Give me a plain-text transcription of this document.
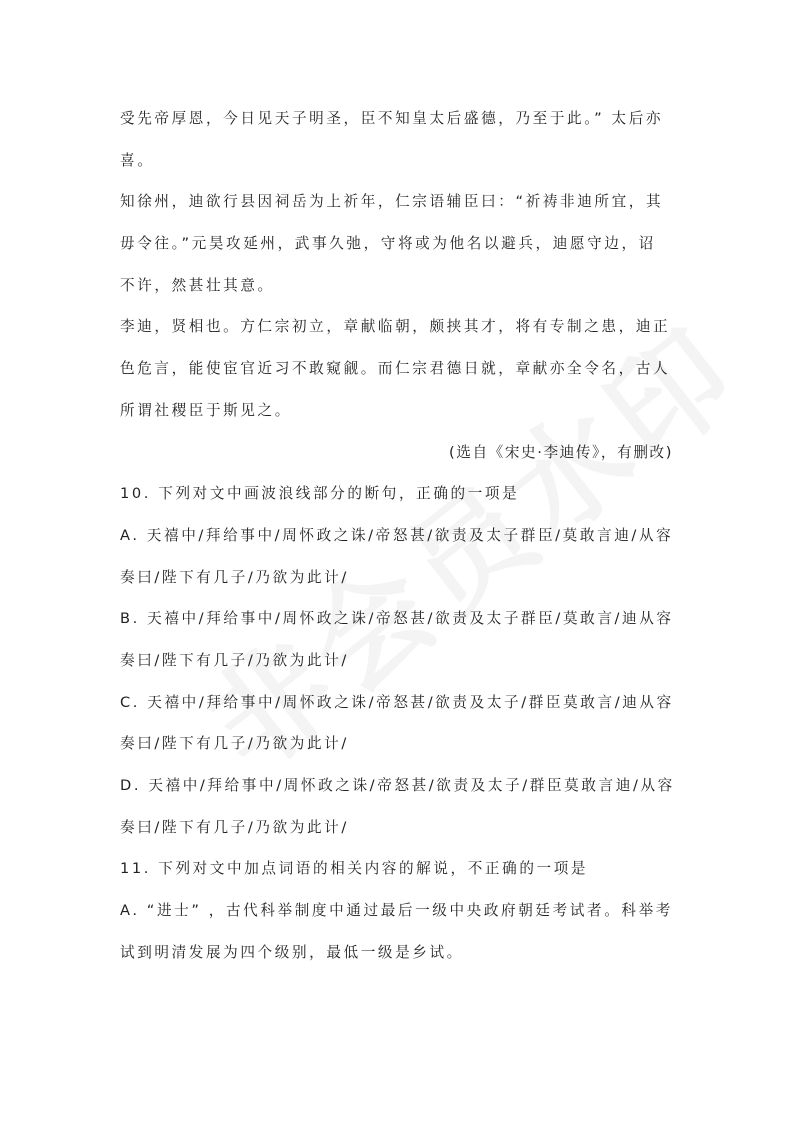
受先帝厚恩，今日见天子明圣，臣不知皇太后盛德，乃至于此。” 太后亦
喜。
知徐州，迪欲行县因祠岳为上祈年，仁宗语辅臣曰：“祈祷非迪所宜，其
毋令往。”元昊攻延州，武事久弛，守将或为他名以避兵，迪愿守边，诏
不许，然甚壮其意。
李迪，贤相也。方仁宗初立，章献临朝，颇挟其才，将有专制之患，迪正
色危言，能使宦官近习不敢窥觎。而仁宗君德日就，章献亦全令名，古人
所谓社稷臣于斯见之。
(选自《宋史·李迪传》，有删改)
10. 下列对文中画波浪线部分的断句，正确的一项是
A. 天禧中/拜给事中/周怀政之诛/帝怒甚/欲责及太子群臣/莫敢言迪/从容
奏曰/陛下有几子/乃欲为此计/
B. 天禧中/拜给事中/周怀政之诛/帝怒甚/欲责及太子群臣/莫敢言/迪从容
奏曰/陛下有几子/乃欲为此计/
C. 天禧中/拜给事中/周怀政之诛/帝怒甚/欲责及太子/群臣莫敢言/迪从容
奏曰/陛下有几子/乃欲为此计/
D. 天禧中/拜给事中/周怀政之诛/帝怒甚/欲责及太子/群臣莫敢言迪/从容
奏曰/陛下有几子/乃欲为此计/
11. 下列对文中加点词语的相关内容的解说，不正确的一项是
A. “进士” ，古代科举制度中通过最后一级中央政府朝廷考试者。科举考
试到明清发展为四个级别，最低一级是乡试。
